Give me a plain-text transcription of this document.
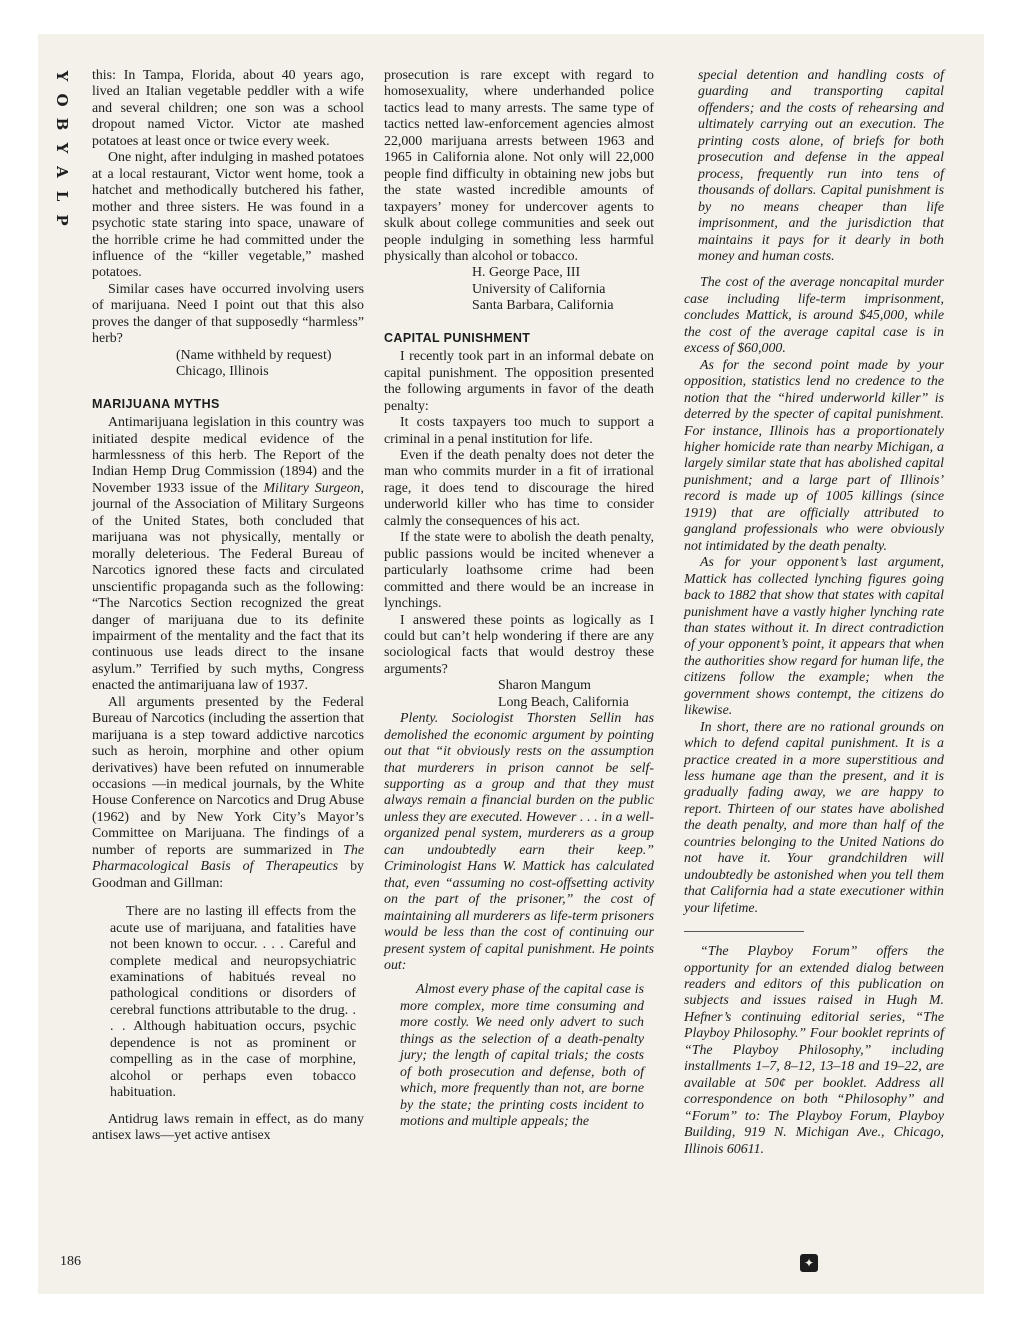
Y
O
B
Y
A
L
P

this: In Tampa, Florida, about 40 years ago, lived an Italian vegetable peddler with a wife and several children; one son was a school dropout named Victor. Victor ate mashed potatoes at least once or twice every week.

One night, after indulging in mashed potatoes at a local restaurant, Victor went home, took a hatchet and methodically butchered his father, mother and three sisters. He was found in a psychotic state staring into space, unaware of the horrible crime he had committed under the influence of the “killer vegetable,” mashed potatoes.

Similar cases have occurred involving users of marijuana. Need I point out that this also proves the danger of that supposedly “harmless” herb?

(Name withheld by request)

Chicago, Illinois

MARIJUANA MYTHS

Antimarijuana legislation in this country was initiated despite medical evidence of the harmlessness of this herb. The Report of the Indian Hemp Drug Commission (1894) and the November 1933 issue of the Military Surgeon, journal of the Association of Military Surgeons of the United States, both concluded that marijuana was not physically, mentally or morally deleterious. The Federal Bureau of Narcotics ignored these facts and circulated unscientific propaganda such as the following: “The Narcotics Section recognized the great danger of marijuana due to its definite impairment of the mentality and the fact that its continuous use leads direct to the insane asylum.” Terrified by such myths, Congress enacted the antimarijuana law of 1937.

All arguments presented by the Federal Bureau of Narcotics (including the assertion that marijuana is a step toward addictive narcotics such as heroin, morphine and other opium derivatives) have been refuted on innumerable occasions —in medical journals, by the White House Conference on Narcotics and Drug Abuse (1962) and by New York City’s Mayor’s Committee on Marijuana. The findings of a number of reports are summarized in The Pharmacological Basis of Therapeutics by Goodman and Gillman:

There are no lasting ill effects from the acute use of marijuana, and fatalities have not been known to occur. . . . Careful and complete medical and neuropsychiatric examinations of habitués reveal no pathological conditions or disorders of cerebral functions attributable to the drug. . . . Although habituation occurs, psychic dependence is not as prominent or compelling as in the case of morphine, alcohol or perhaps even tobacco habituation.

Antidrug laws remain in effect, as do many antisex laws—yet active antisex

prosecution is rare except with regard to homosexuality, where underhanded police tactics lead to many arrests. The same type of tactics netted law-enforcement agencies almost 22,000 marijuana arrests between 1963 and 1965 in California alone. Not only will 22,000 people find difficulty in obtaining new jobs but the state wasted incredible amounts of taxpayers’ money for undercover agents to skulk about college communities and seek out people indulging in something less harmful physically than alcohol or tobacco.

H. George Pace, III

University of California

Santa Barbara, California

CAPITAL PUNISHMENT

I recently took part in an informal debate on capital punishment. The opposition presented the following arguments in favor of the death penalty:

It costs taxpayers too much to support a criminal in a penal institution for life.

Even if the death penalty does not deter the man who commits murder in a fit of irrational rage, it does tend to discourage the hired underworld killer who has time to consider calmly the consequences of his act.

If the state were to abolish the death penalty, public passions would be incited whenever a particularly loathsome crime had been committed and there would be an increase in lynchings.

I answered these points as logically as I could but can’t help wondering if there are any sociological facts that would destroy these arguments?

Sharon Mangum

Long Beach, California

Plenty. Sociologist Thorsten Sellin has demolished the economic argument by pointing out that “it obviously rests on the assumption that murderers in prison cannot be self-supporting as a group and that they must always remain a financial burden on the public unless they are executed. However . . . in a well-organized penal system, murderers as a group can undoubtedly earn their keep.” Criminologist Hans W. Mattick has calculated that, even “assuming no cost-offsetting activity on the part of the prisoner,” the cost of maintaining all murderers as life-term prisoners would be less than the cost of continuing our present system of capital punishment. He points out:

Almost every phase of the capital case is more complex, more time consuming and more costly. We need only advert to such things as the selection of a death-penalty jury; the length of capital trials; the costs of both prosecution and defense, both of which, more frequently than not, are borne by the state; the printing costs incident to motions and multiple appeals; the

special detention and handling costs of guarding and transporting capital offenders; and the costs of rehearsing and ultimately carrying out an execution. The printing costs alone, of briefs for both prosecution and defense in the appeal process, frequently run into tens of thousands of dollars. Capital punishment is by no means cheaper than life imprisonment, and the jurisdiction that maintains it pays for it dearly in both money and human costs.

The cost of the average noncapital murder case including life-term imprisonment, concludes Mattick, is around $45,000, while the cost of the average capital case is in excess of $60,000.

As for the second point made by your opposition, statistics lend no credence to the notion that the “hired underworld killer” is deterred by the specter of capital punishment. For instance, Illinois has a proportionately higher homicide rate than nearby Michigan, a largely similar state that has abolished capital punishment; and a large part of Illinois’ record is made up of 1005 killings (since 1919) that are officially attributed to gangland professionals who were obviously not intimidated by the death penalty.

As for your opponent’s last argument, Mattick has collected lynching figures going back to 1882 that show that states with capital punishment have a vastly higher lynching rate than states without it. In direct contradiction of your opponent’s point, it appears that when the authorities show regard for human life, the citizens follow the example; when the government shows contempt, the citizens do likewise.

In short, there are no rational grounds on which to defend capital punishment. It is a practice created in a more superstitious and less humane age than the present, and it is gradually fading away, we are happy to report. Thirteen of our states have abolished the death penalty, and more than half of the countries belonging to the United Nations do not have it. Your grandchildren will undoubtedly be astonished when you tell them that California had a state executioner within your lifetime.

“The Playboy Forum” offers the opportunity for an extended dialog between readers and editors of this publication on subjects and issues raised in Hugh M. Hefner’s continuing editorial series, “The Playboy Philosophy.” Four booklet reprints of “The Playboy Philosophy,” including installments 1–7, 8–12, 13–18 and 19–22, are available at 50¢ per booklet. Address all correspondence on both “Philosophy” and “Forum” to: The Playboy Forum, Playboy Building, 919 N. Michigan Ave., Chicago, Illinois 60611.

186	✦
